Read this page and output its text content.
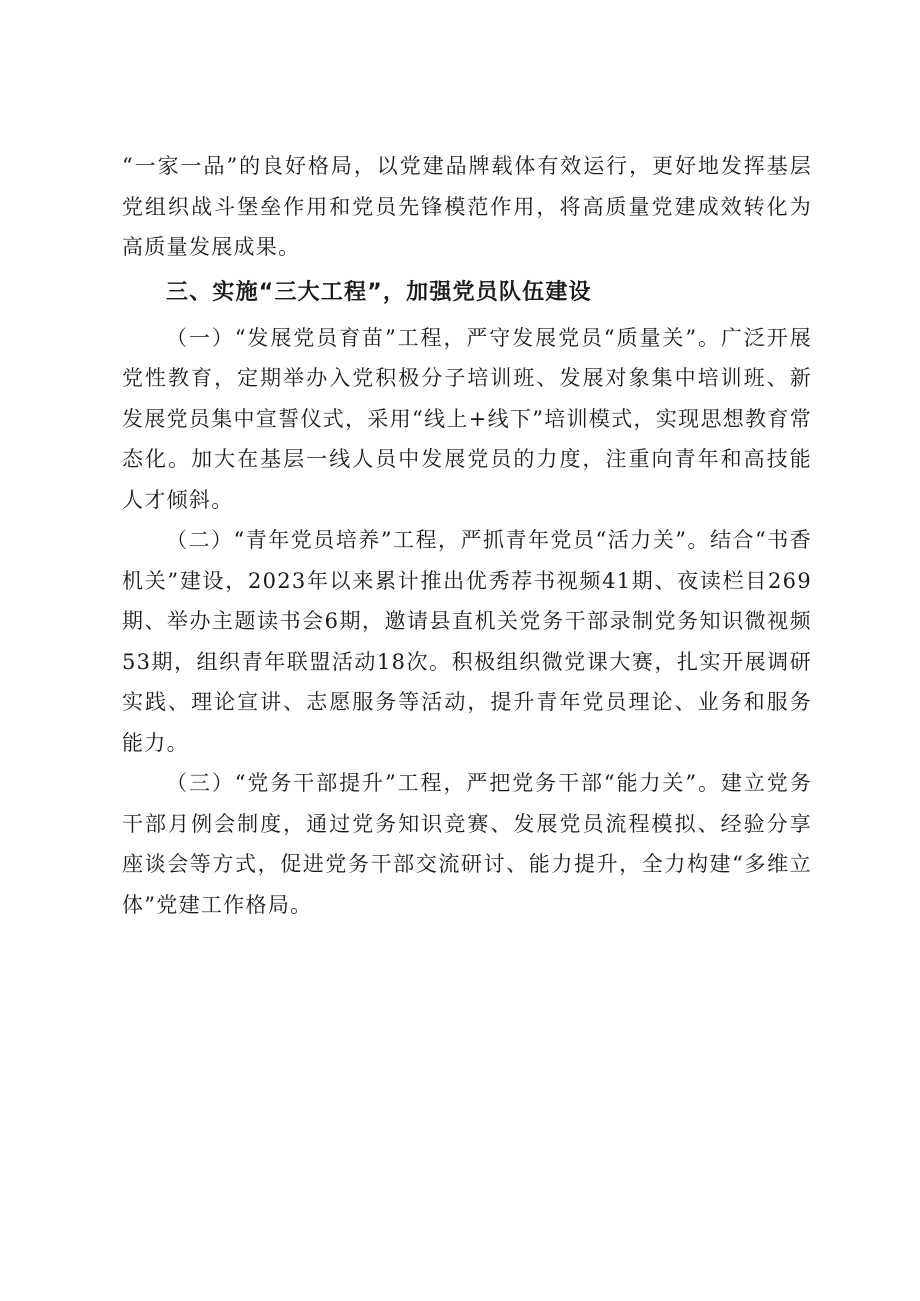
“一家一品”的良好格局，以党建品牌载体有效运行，更好地发挥基层党组织战斗堡垒作用和党员先锋模范作用，将高质量党建成效转化为高质量发展成果。

三、实施“三大工程”，加强党员队伍建设

（一）“发展党员育苗”工程，严守发展党员“质量关”。广泛开展党性教育，定期举办入党积极分子培训班、发展对象集中培训班、新发展党员集中宣誓仪式，采用“线上+线下”培训模式，实现思想教育常态化。加大在基层一线人员中发展党员的力度，注重向青年和高技能人才倾斜。

（二）“青年党员培养”工程，严抓青年党员“活力关”。结合“书香机关”建设，2023年以来累计推出优秀荐书视频41期、夜读栏目269期、举办主题读书会6期，邀请县直机关党务干部录制党务知识微视频53期，组织青年联盟活动18次。积极组织微党课大赛，扎实开展调研实践、理论宣讲、志愿服务等活动，提升青年党员理论、业务和服务能力。

（三）“党务干部提升”工程，严把党务干部“能力关”。建立党务干部月例会制度，通过党务知识竞赛、发展党员流程模拟、经验分享座谈会等方式，促进党务干部交流研讨、能力提升，全力构建“多维立体”党建工作格局。
